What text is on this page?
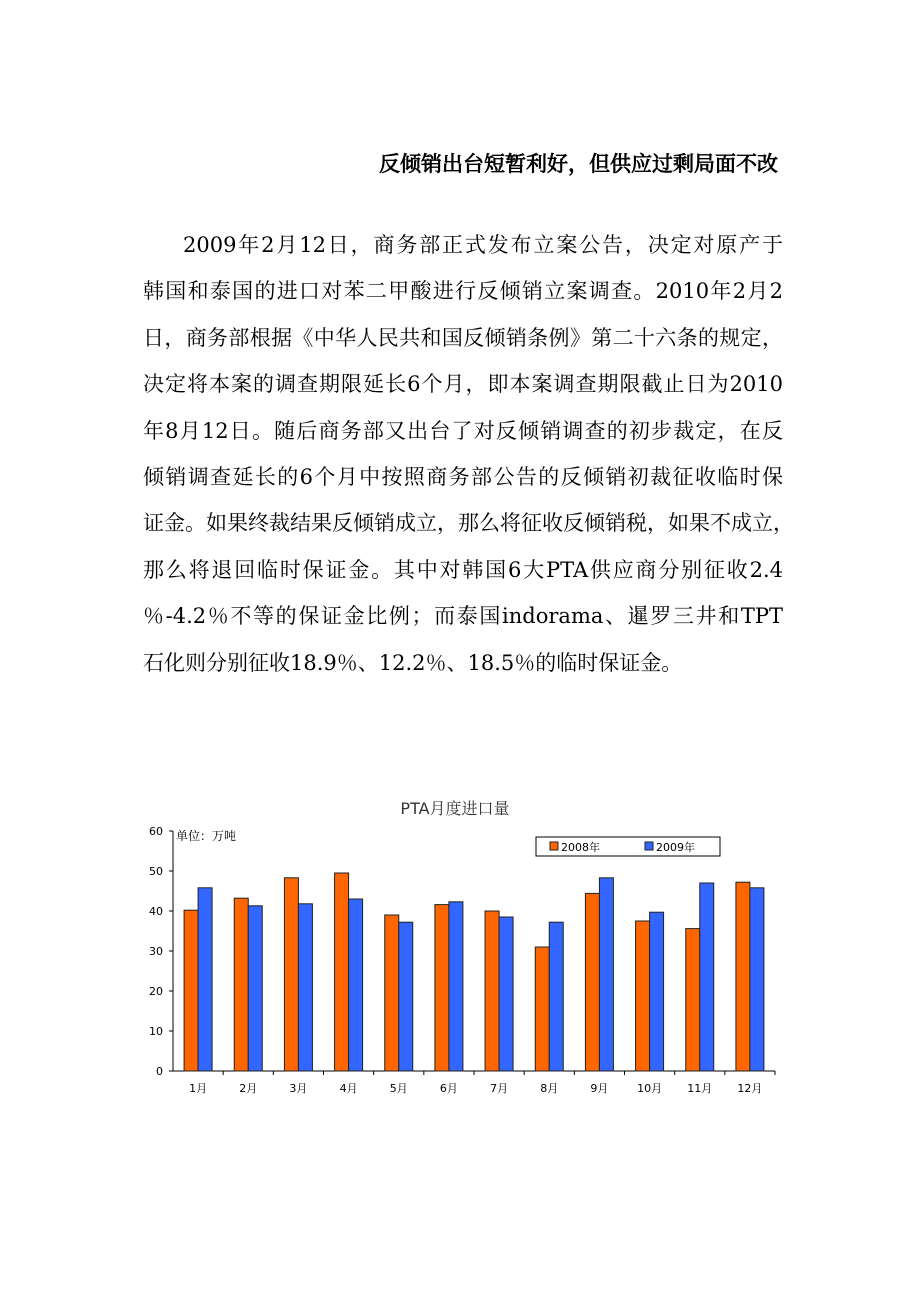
反倾销出台短暂利好，但供应过剩局面不改
2009年2月12日，商务部正式发布立案公告，决定对原产于
韩国和泰国的进口对苯二甲酸进行反倾销立案调查。2010年2月2
日，商务部根据《中华人民共和国反倾销条例》第二十六条的规定，
决定将本案的调查期限延长6个月，即本案调查期限截止日为2010
年8月12日。随后商务部又出台了对反倾销调查的初步裁定，在反
倾销调查延长的6个月中按照商务部公告的反倾销初裁征收临时保
证金。如果终裁结果反倾销成立，那么将征收反倾销税，如果不成立，
那么将退回临时保证金。其中对韩国6大PTA供应商分别征收2.4
％-4.2％不等的保证金比例；而泰国indorama、暹罗三井和TPT
石化则分别征收18.9％、12.2％、18.5％的临时保证金。
PTA月度进口量
单位：万吨
0
10
20
30
40
50
60
1月	2月	3月	4月	5月	6月	7月	8月	9月	10月 11月 12月
2008年	2009年
